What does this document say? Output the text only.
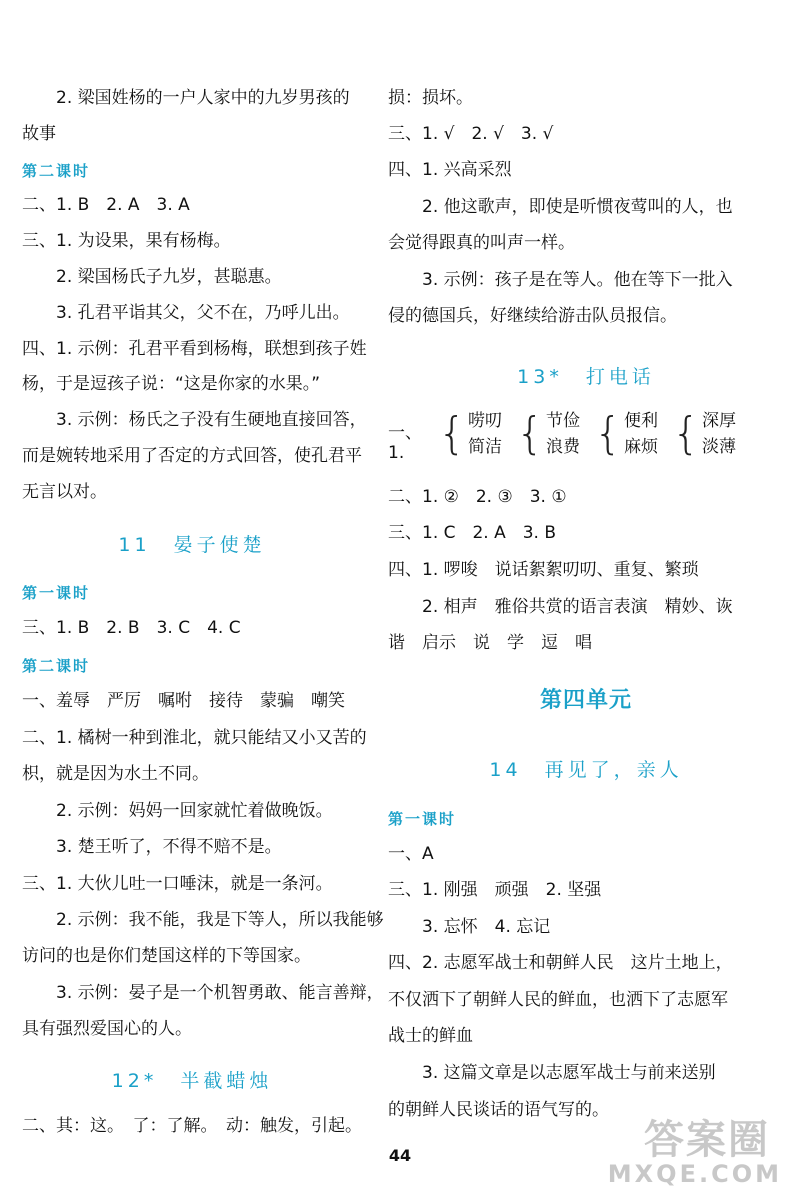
2. 梁国姓杨的一户人家中的九岁男孩的
故事
第二课时
二、1. B　2. A　3. A
三、1. 为设果，果有杨梅。
2. 梁国杨氏子九岁，甚聪惠。
3. 孔君平诣其父，父不在，乃呼儿出。
四、1. 示例：孔君平看到杨梅，联想到孩子姓
杨，于是逗孩子说：“这是你家的水果。”
3. 示例：杨氏之子没有生硬地直接回答，
而是婉转地采用了否定的方式回答，使孔君平
无言以对。
11　晏子使楚
第一课时
三、1. B　2. B　3. C　4. C
第二课时
一、羞辱　严厉　嘱咐　接待　蒙骗　嘲笑
二、1. 橘树一种到淮北，就只能结又小又苦的
枳，就是因为水土不同。
2. 示例：妈妈一回家就忙着做晚饭。
3. 楚王听了，不得不赔不是。
三、1. 大伙儿吐一口唾沫，就是一条河。
2. 示例：我不能，我是下等人，所以我能够
访问的也是你们楚国这样的下等国家。
3. 示例：晏子是一个机智勇敢、能言善辩，
具有强烈爱国心的人。
12*　半截蜡烛
二、其：这。　了：了解。　动：触发，引起。
损：损坏。
三、1. √　2. √　3. √
四、1. 兴高采烈
2. 他这歌声，即使是听惯夜莺叫的人，也
会觉得跟真的叫声一样。
3. 示例：孩子是在等人。他在等下一批入
侵的德国兵，好继续给游击队员报信。
13*　打电话
一、1. { 唠叨
简洁 { 节俭
浪费 { 便利
麻烦 { 深厚
淡薄
二、1. ②　2. ③　3. ①
三、1. C　2. A　3. B
四、1. 啰唆　说话絮絮叨叨、重复、繁琐
2. 相声　雅俗共赏的语言表演　精妙、诙
谐　启示　说　学　逗　唱
第四单元
14　再见了，亲人
第一课时
一、A
三、1. 刚强　顽强　2. 坚强
3. 忘怀　4. 忘记
四、2. 志愿军战士和朝鲜人民　这片土地上，
不仅洒下了朝鲜人民的鲜血，也洒下了志愿军
战士的鲜血
3. 这篇文章是以志愿军战士与前来送别
的朝鲜人民谈话的语气写的。
44	答案圈
MXQE.COM
